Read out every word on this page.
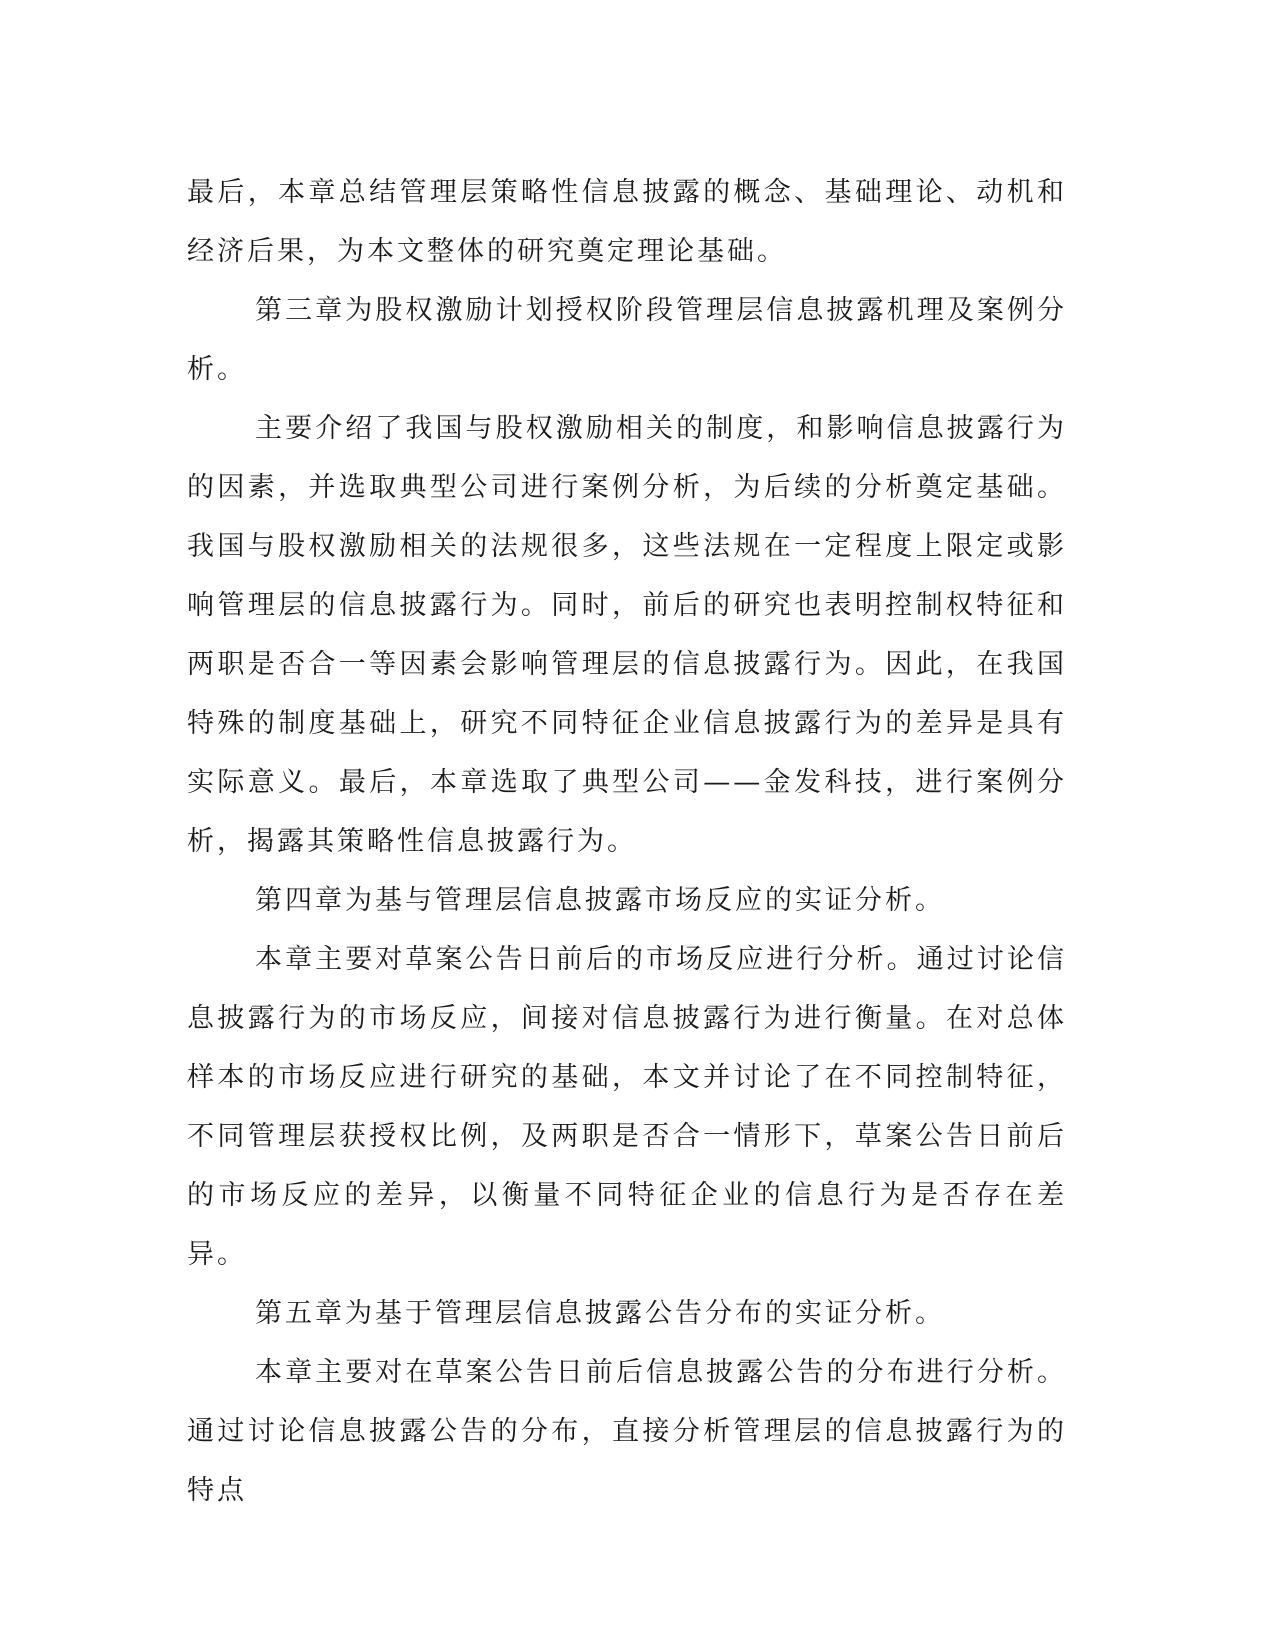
最后，本章总结管理层策略性信息披露的概念、基础理论、动机和经济后果，为本文整体的研究奠定理论基础。

第三章为股权激励计划授权阶段管理层信息披露机理及案例分析。

主要介绍了我国与股权激励相关的制度，和影响信息披露行为的因素，并选取典型公司进行案例分析，为后续的分析奠定基础。我国与股权激励相关的法规很多，这些法规在一定程度上限定或影响管理层的信息披露行为。同时，前后的研究也表明控制权特征和两职是否合一等因素会影响管理层的信息披露行为。因此，在我国特殊的制度基础上，研究不同特征企业信息披露行为的差异是具有实际意义。最后，本章选取了典型公司——金发科技，进行案例分析，揭露其策略性信息披露行为。

第四章为基与管理层信息披露市场反应的实证分析。

本章主要对草案公告日前后的市场反应进行分析。通过讨论信息披露行为的市场反应，间接对信息披露行为进行衡量。在对总体样本的市场反应进行研究的基础，本文并讨论了在不同控制特征，不同管理层获授权比例，及两职是否合一情形下，草案公告日前后的市场反应的差异，以衡量不同特征企业的信息行为是否存在差异。

第五章为基于管理层信息披露公告分布的实证分析。

本章主要对在草案公告日前后信息披露公告的分布进行分析。通过讨论信息披露公告的分布，直接分析管理层的信息披露行为的特点
